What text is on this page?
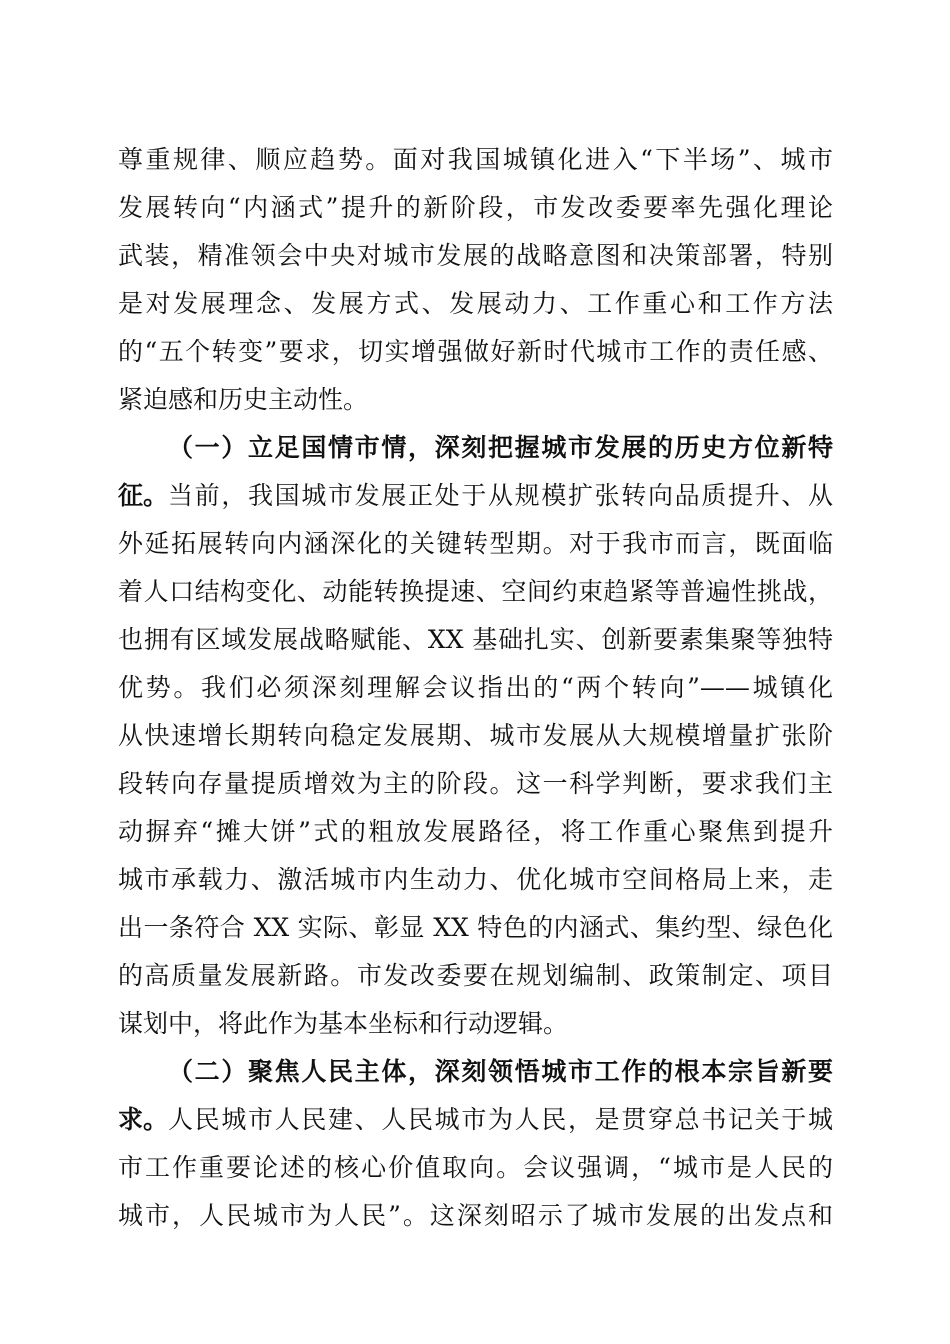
尊重规律、顺应趋势。面对我国城镇化进入“下半场”、城市
发展转向“内涵式”提升的新阶段，市发改委要率先强化理论
武装，精准领会中央对城市发展的战略意图和决策部署，特别
是对发展理念、发展方式、发展动力、工作重心和工作方法
的“五个转变”要求，切实增强做好新时代城市工作的责任感、
紧迫感和历史主动性。
（一）立足国情市情，深刻把握城市发展的历史方位新特
征。 当前，我国城市发展正处于从规模扩张转向品质提升、从
外延拓展转向内涵深化的关键转型期。对于我市而言，既面临
着人口结构变化、动能转换提速、空间约束趋紧等普遍性挑战，
也拥有区域发展战略赋能、XX 基础扎实、创新要素集聚等独特
优势。我们必须深刻理解会议指出的“两个转向”——城镇化
从快速增长期转向稳定发展期、城市发展从大规模增量扩张阶
段转向存量提质增效为主的阶段。这一科学判断，要求我们主
动摒弃“摊大饼”式的粗放发展路径，将工作重心聚焦到提升
城市承载力、激活城市内生动力、优化城市空间格局上来，走
出一条符合 XX 实际、彰显 XX 特色的内涵式、集约型、绿色化
的高质量发展新路。市发改委要在规划编制、政策制定、项目
谋划中，将此作为基本坐标和行动逻辑。
（二）聚焦人民主体，深刻领悟城市工作的根本宗旨新要
求。 人民城市人民建、人民城市为人民，是贯穿总书记关于城
市工作重要论述的核心价值取向。会议强调，“城市是人民的
城市，人民城市为人民”。这深刻昭示了城市发展的出发点和
